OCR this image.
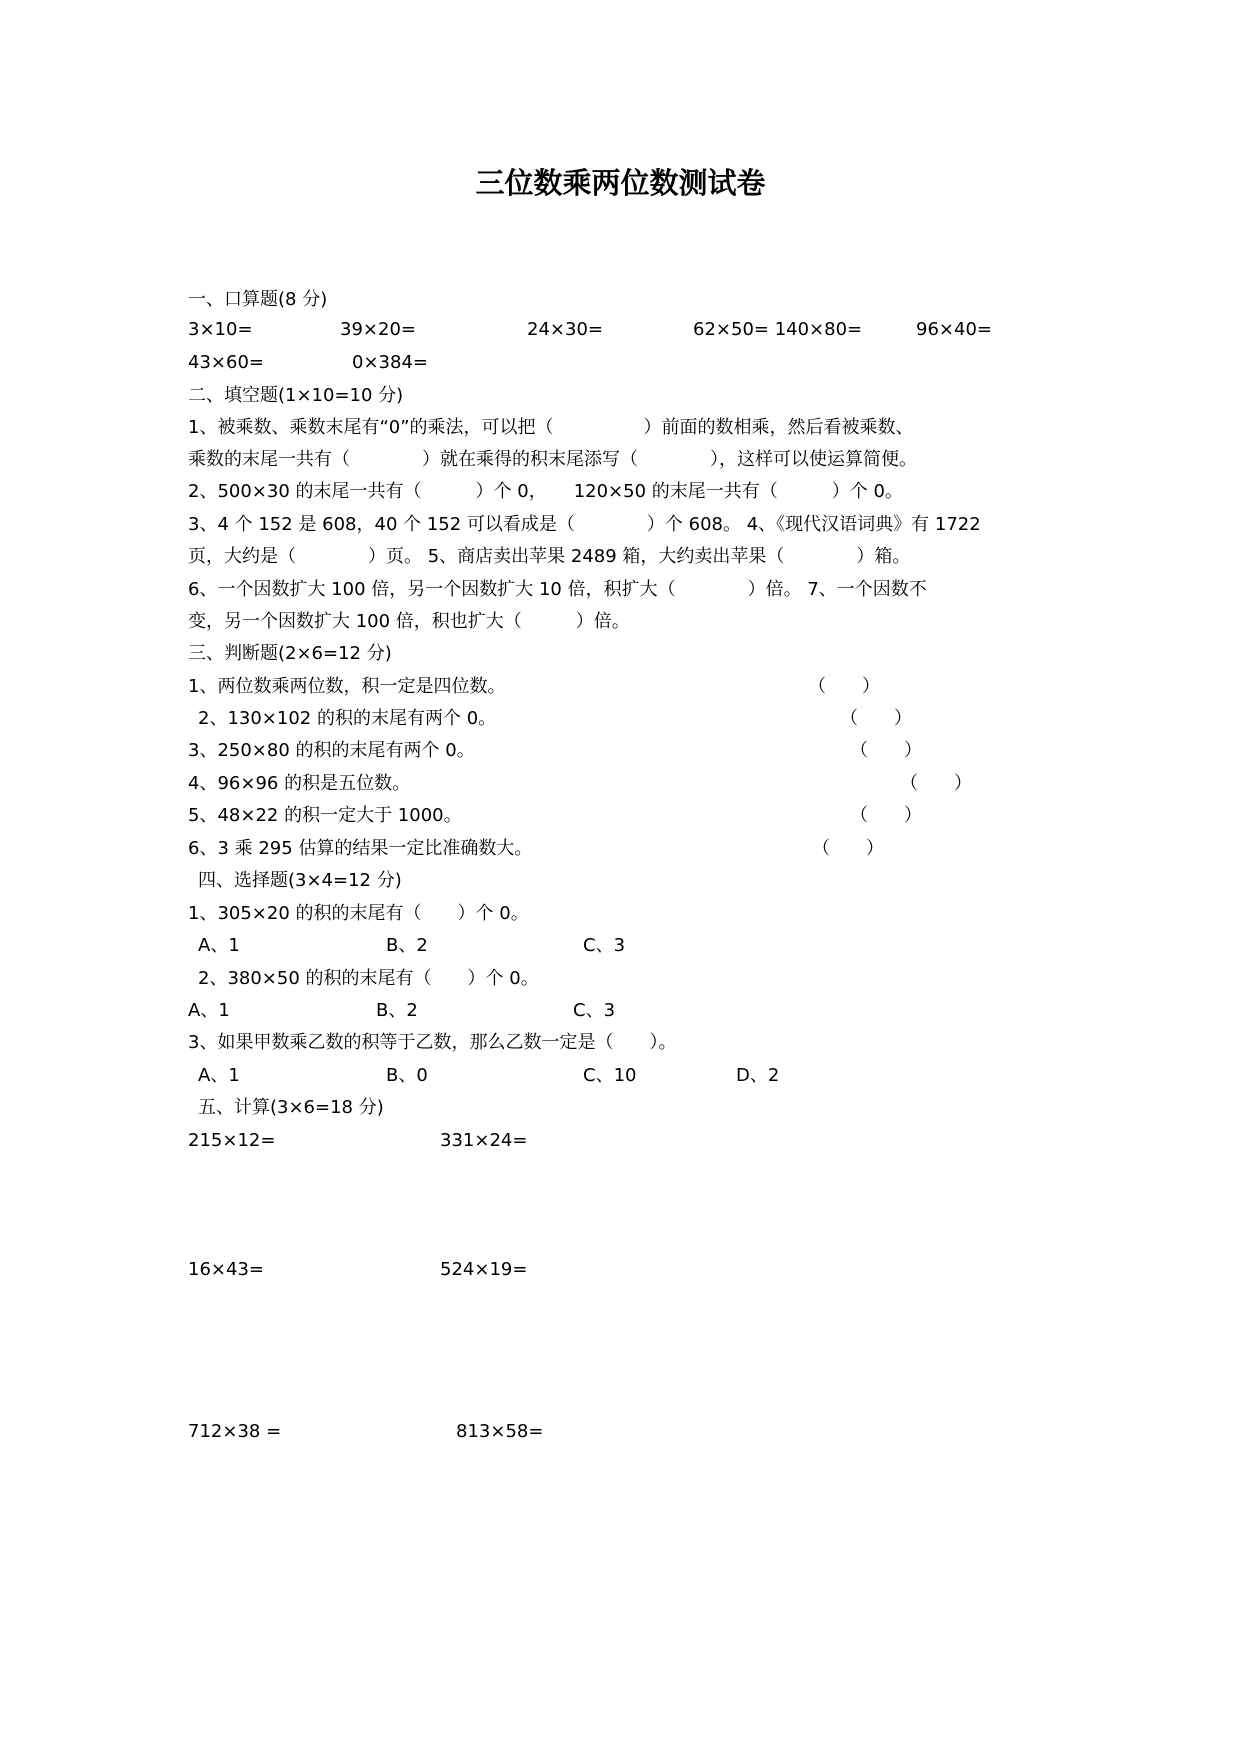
三位数乘两位数测试卷
一、口算题(8 分)
3×10=	39×20=	24×30=	62×50= 140×80=	96×40=
43×60=	0×384=
二、填空题(1×10=10 分)
1、被乘数、乘数末尾有“0”的乘法，可以把（　　　　　）前面的数相乘，然后看被乘数、
乘数的末尾一共有（　　　　）就在乘得的积末尾添写（　　　　），这样可以使运算简便。
2、500×30 的末尾一共有（　　　）个 0，　　120×50 的末尾一共有（　　　）个 0。
3、4 个 152 是 608，40 个 152 可以看成是（　　　　）个 608。 4、《现代汉语词典》有 1722
页，大约是（　　　　）页。 5、商店卖出苹果 2489 箱，大约卖出苹果（　　　　）箱。
6、一个因数扩大 100 倍，另一个因数扩大 10 倍，积扩大（　　　　）倍。 7、一个因数不
变，另一个因数扩大 100 倍，积也扩大（　　　）倍。
三、判断题(2×6=12 分)
1、两位数乘两位数，积一定是四位数。	（　　）
2、130×102 的积的末尾有两个 0。	（　　）
3、250×80 的积的末尾有两个 0。	（　　）
4、96×96 的积是五位数。	（　　）
5、48×22 的积一定大于 1000。	（　　）
6、3 乘 295 估算的结果一定比准确数大。	（　　）
四、选择题(3×4=12 分)
1、305×20 的积的末尾有（　　）个 0。
A、1	B、2	C、3
2、380×50 的积的末尾有（　　）个 0。
A、1	B、2	C、3
3、如果甲数乘乙数的积等于乙数，那么乙数一定是（　　）。
A、1	B、0	C、10	D、2
五、计算(3×6=18 分)
215×12=	331×24=
16×43=	524×19=
712×38 =	813×58=
